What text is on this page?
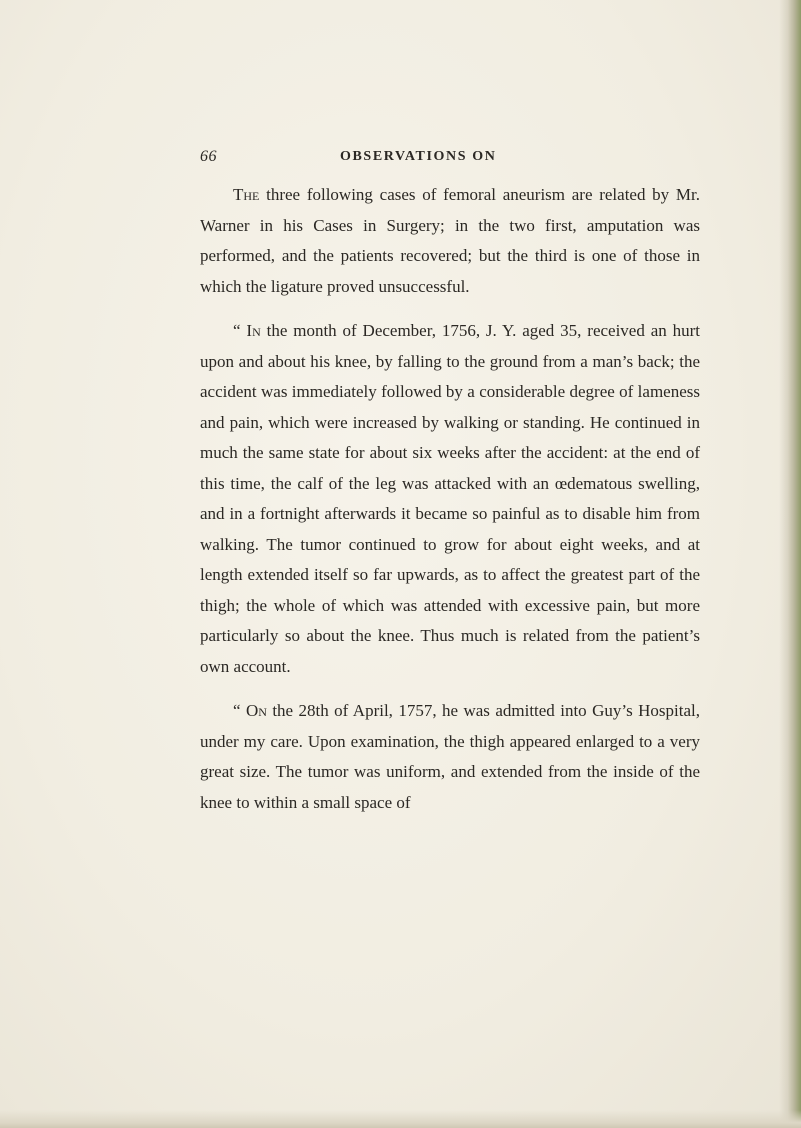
66	OBSERVATIONS ON

The three following cases of femoral aneurism are related by Mr. Warner in his Cases in Surgery; in the two first, amputation was performed, and the patients recovered; but the third is one of those in which the ligature proved unsuccessful.

“ In the month of December, 1756, J. Y. aged 35, received an hurt upon and about his knee, by falling to the ground from a man’s back; the accident was immediately followed by a considerable degree of lameness and pain, which were increased by walking or standing. He continued in much the same state for about six weeks after the accident: at the end of this time, the calf of the leg was attacked with an œdematous swelling, and in a fortnight afterwards it became so painful as to disable him from walking. The tumor continued to grow for about eight weeks, and at length extended itself so far upwards, as to affect the greatest part of the thigh; the whole of which was attended with excessive pain, but more particularly so about the knee. Thus much is related from the patient’s own account.

“ On the 28th of April, 1757, he was admitted into Guy’s Hospital, under my care. Upon examination, the thigh appeared enlarged to a very great size. The tumor was uniform, and extended from the inside of the knee to within a small space of
